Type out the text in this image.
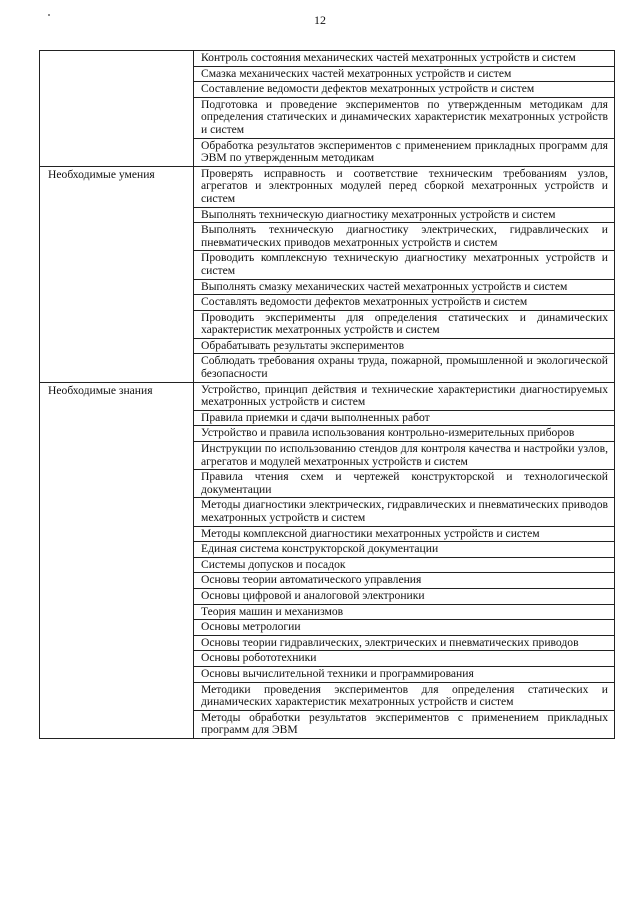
12
Контроль состояния механических частей мехатронных устройств и систем
Смазка механических частей мехатронных устройств и систем
Составление ведомости дефектов мехатронных устройств и систем
Подготовка и проведение экспериментов по утвержденным методикам для определения статических и динамических характеристик мехатронных устройств и систем
Обработка результатов экспериментов с применением прикладных программ для ЭВМ по утвержденным методикам
Необходимые умения	Проверять исправность и соответствие техническим требованиям узлов, агрегатов и электронных модулей перед сборкой мехатронных устройств и систем
Выполнять техническую диагностику мехатронных устройств и систем
Выполнять техническую диагностику электрических, гидравлических и пневматических приводов мехатронных устройств и систем
Проводить комплексную техническую диагностику мехатронных устройств и систем
Выполнять смазку механических частей мехатронных устройств и систем
Составлять ведомости дефектов мехатронных устройств и систем
Проводить эксперименты для определения статических и динамических характеристик мехатронных устройств и систем
Обрабатывать результаты экспериментов
Соблюдать требования охраны труда, пожарной, промышленной и экологической безопасности
Необходимые знания	Устройство, принцип действия и технические характеристики диагностируемых мехатронных устройств и систем
Правила приемки и сдачи выполненных работ
Устройство и правила использования контрольно-измерительных приборов
Инструкции по использованию стендов для контроля качества и настройки узлов, агрегатов и модулей мехатронных устройств и систем
Правила чтения схем и чертежей конструкторской и технологической документации
Методы диагностики электрических, гидравлических и пневматических приводов мехатронных устройств и систем
Методы комплексной диагностики мехатронных устройств и систем
Единая система конструкторской документации
Системы допусков и посадок
Основы теории автоматического управления
Основы цифровой и аналоговой электроники
Теория машин и механизмов
Основы метрологии
Основы теории гидравлических, электрических и пневматических приводов
Основы робототехники
Основы вычислительной техники и программирования
Методики проведения экспериментов для определения статических и динамических характеристик мехатронных устройств и систем
Методы обработки результатов экспериментов с применением прикладных программ для ЭВМ
